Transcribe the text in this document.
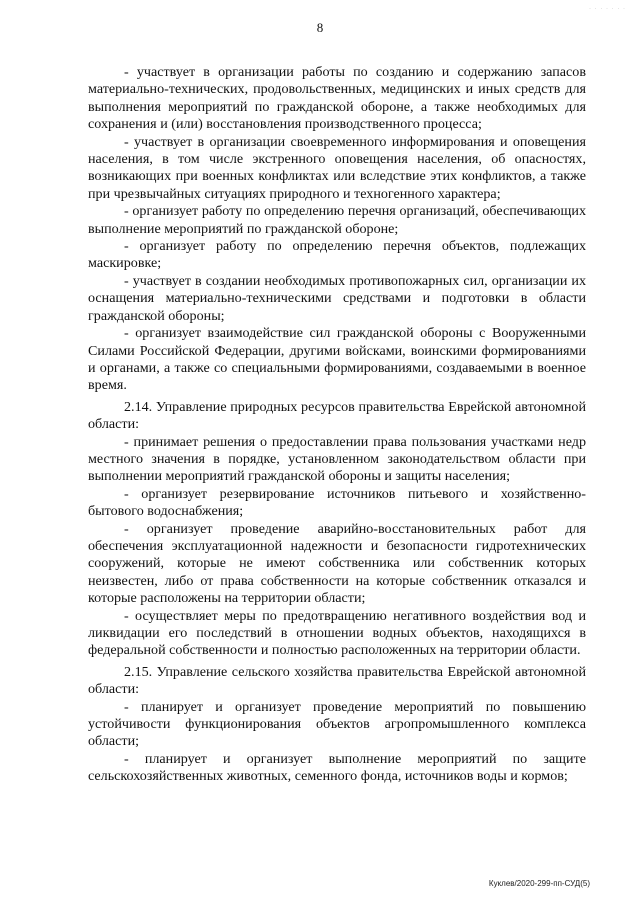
8
· · · · · · ·

- участвует в организации работы по созданию и содержанию запасов материально-технических, продовольственных, медицинских и иных средств для выполнения мероприятий по гражданской обороне, а также необходимых для сохранения и (или) восстановления производственного процесса;

- участвует в организации своевременного информирования и оповещения населения, в том числе экстренного оповещения населения, об опасностях, возникающих при военных конфликтах или вследствие этих конфликтов, а также при чрезвычайных ситуациях природного и техногенного характера;

- организует работу по определению перечня организаций, обеспечивающих выполнение мероприятий по гражданской обороне;

- организует работу по определению перечня объектов, подлежащих маскировке;

- участвует в создании необходимых противопожарных сил, организации их оснащения материально-техническими средствами и подготовки в области гражданской обороны;

- организует взаимодействие сил гражданской обороны с Вооруженными Силами Российской Федерации, другими войсками, воинскими формированиями и органами, а также со специальными формированиями, создаваемыми в военное время.

2.14. Управление природных ресурсов правительства Еврейской автономной области:

- принимает решения о предоставлении права пользования участками недр местного значения в порядке, установленном законодательством области при выполнении мероприятий гражданской обороны и защиты населения;

- организует резервирование источников питьевого и хозяйственно-бытового водоснабжения;

- организует проведение аварийно-восстановительных работ для обеспечения эксплуатационной надежности и безопасности гидротехнических сооружений, которые не имеют собственника или собственник которых неизвестен, либо от права собственности на которые собственник отказался и которые расположены на территории области;

- осуществляет меры по предотвращению негативного воздействия вод и ликвидации его последствий в отношении водных объектов, находящихся в федеральной собственности и полностью расположенных на территории области.

2.15. Управление сельского хозяйства правительства Еврейской автономной области:

- планирует и организует проведение мероприятий по повышению устойчивости функционирования объектов агропромышленного комплекса области;

- планирует и организует выполнение мероприятий по защите сельскохозяйственных животных, семенного фонда, источников воды и кормов;

Куклев/2020-299-пп-СУД(5)
